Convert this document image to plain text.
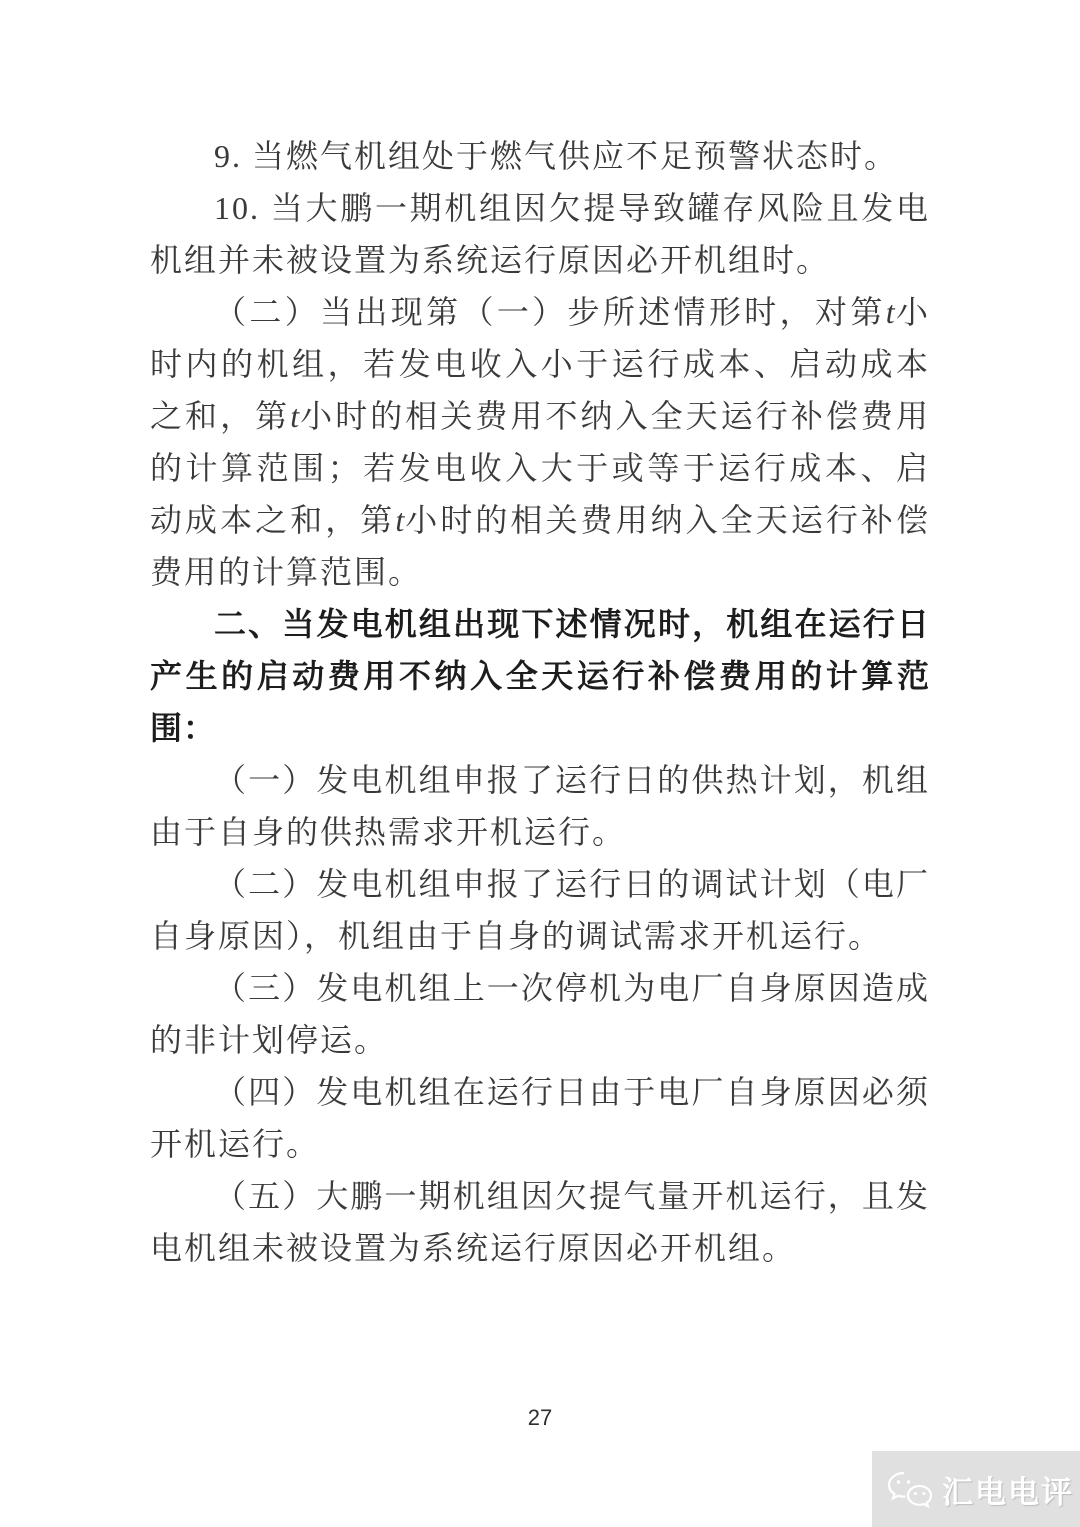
9. 当燃气机组处于燃气供应不足预警状态时。

10. 当大鹏一期机组因欠提导致罐存风险且发电机组并未被设置为系统运行原因必开机组时。

（二）当出现第（一）步所述情形时，对第t小时内的机组，若发电收入小于运行成本、启动成本之和，第t小时的相关费用不纳入全天运行补偿费用的计算范围；若发电收入大于或等于运行成本、启动成本之和，第t小时的相关费用纳入全天运行补偿费用的计算范围。

二、当发电机组出现下述情况时，机组在运行日产生的启动费用不纳入全天运行补偿费用的计算范围：

（一）发电机组申报了运行日的供热计划，机组由于自身的供热需求开机运行。

（二）发电机组申报了运行日的调试计划（电厂自身原因），机组由于自身的调试需求开机运行。

（三）发电机组上一次停机为电厂自身原因造成的非计划停运。

（四）发电机组在运行日由于电厂自身原因必须开机运行。

（五）大鹏一期机组因欠提气量开机运行，且发电机组未被设置为系统运行原因必开机组。

27
汇电电评
